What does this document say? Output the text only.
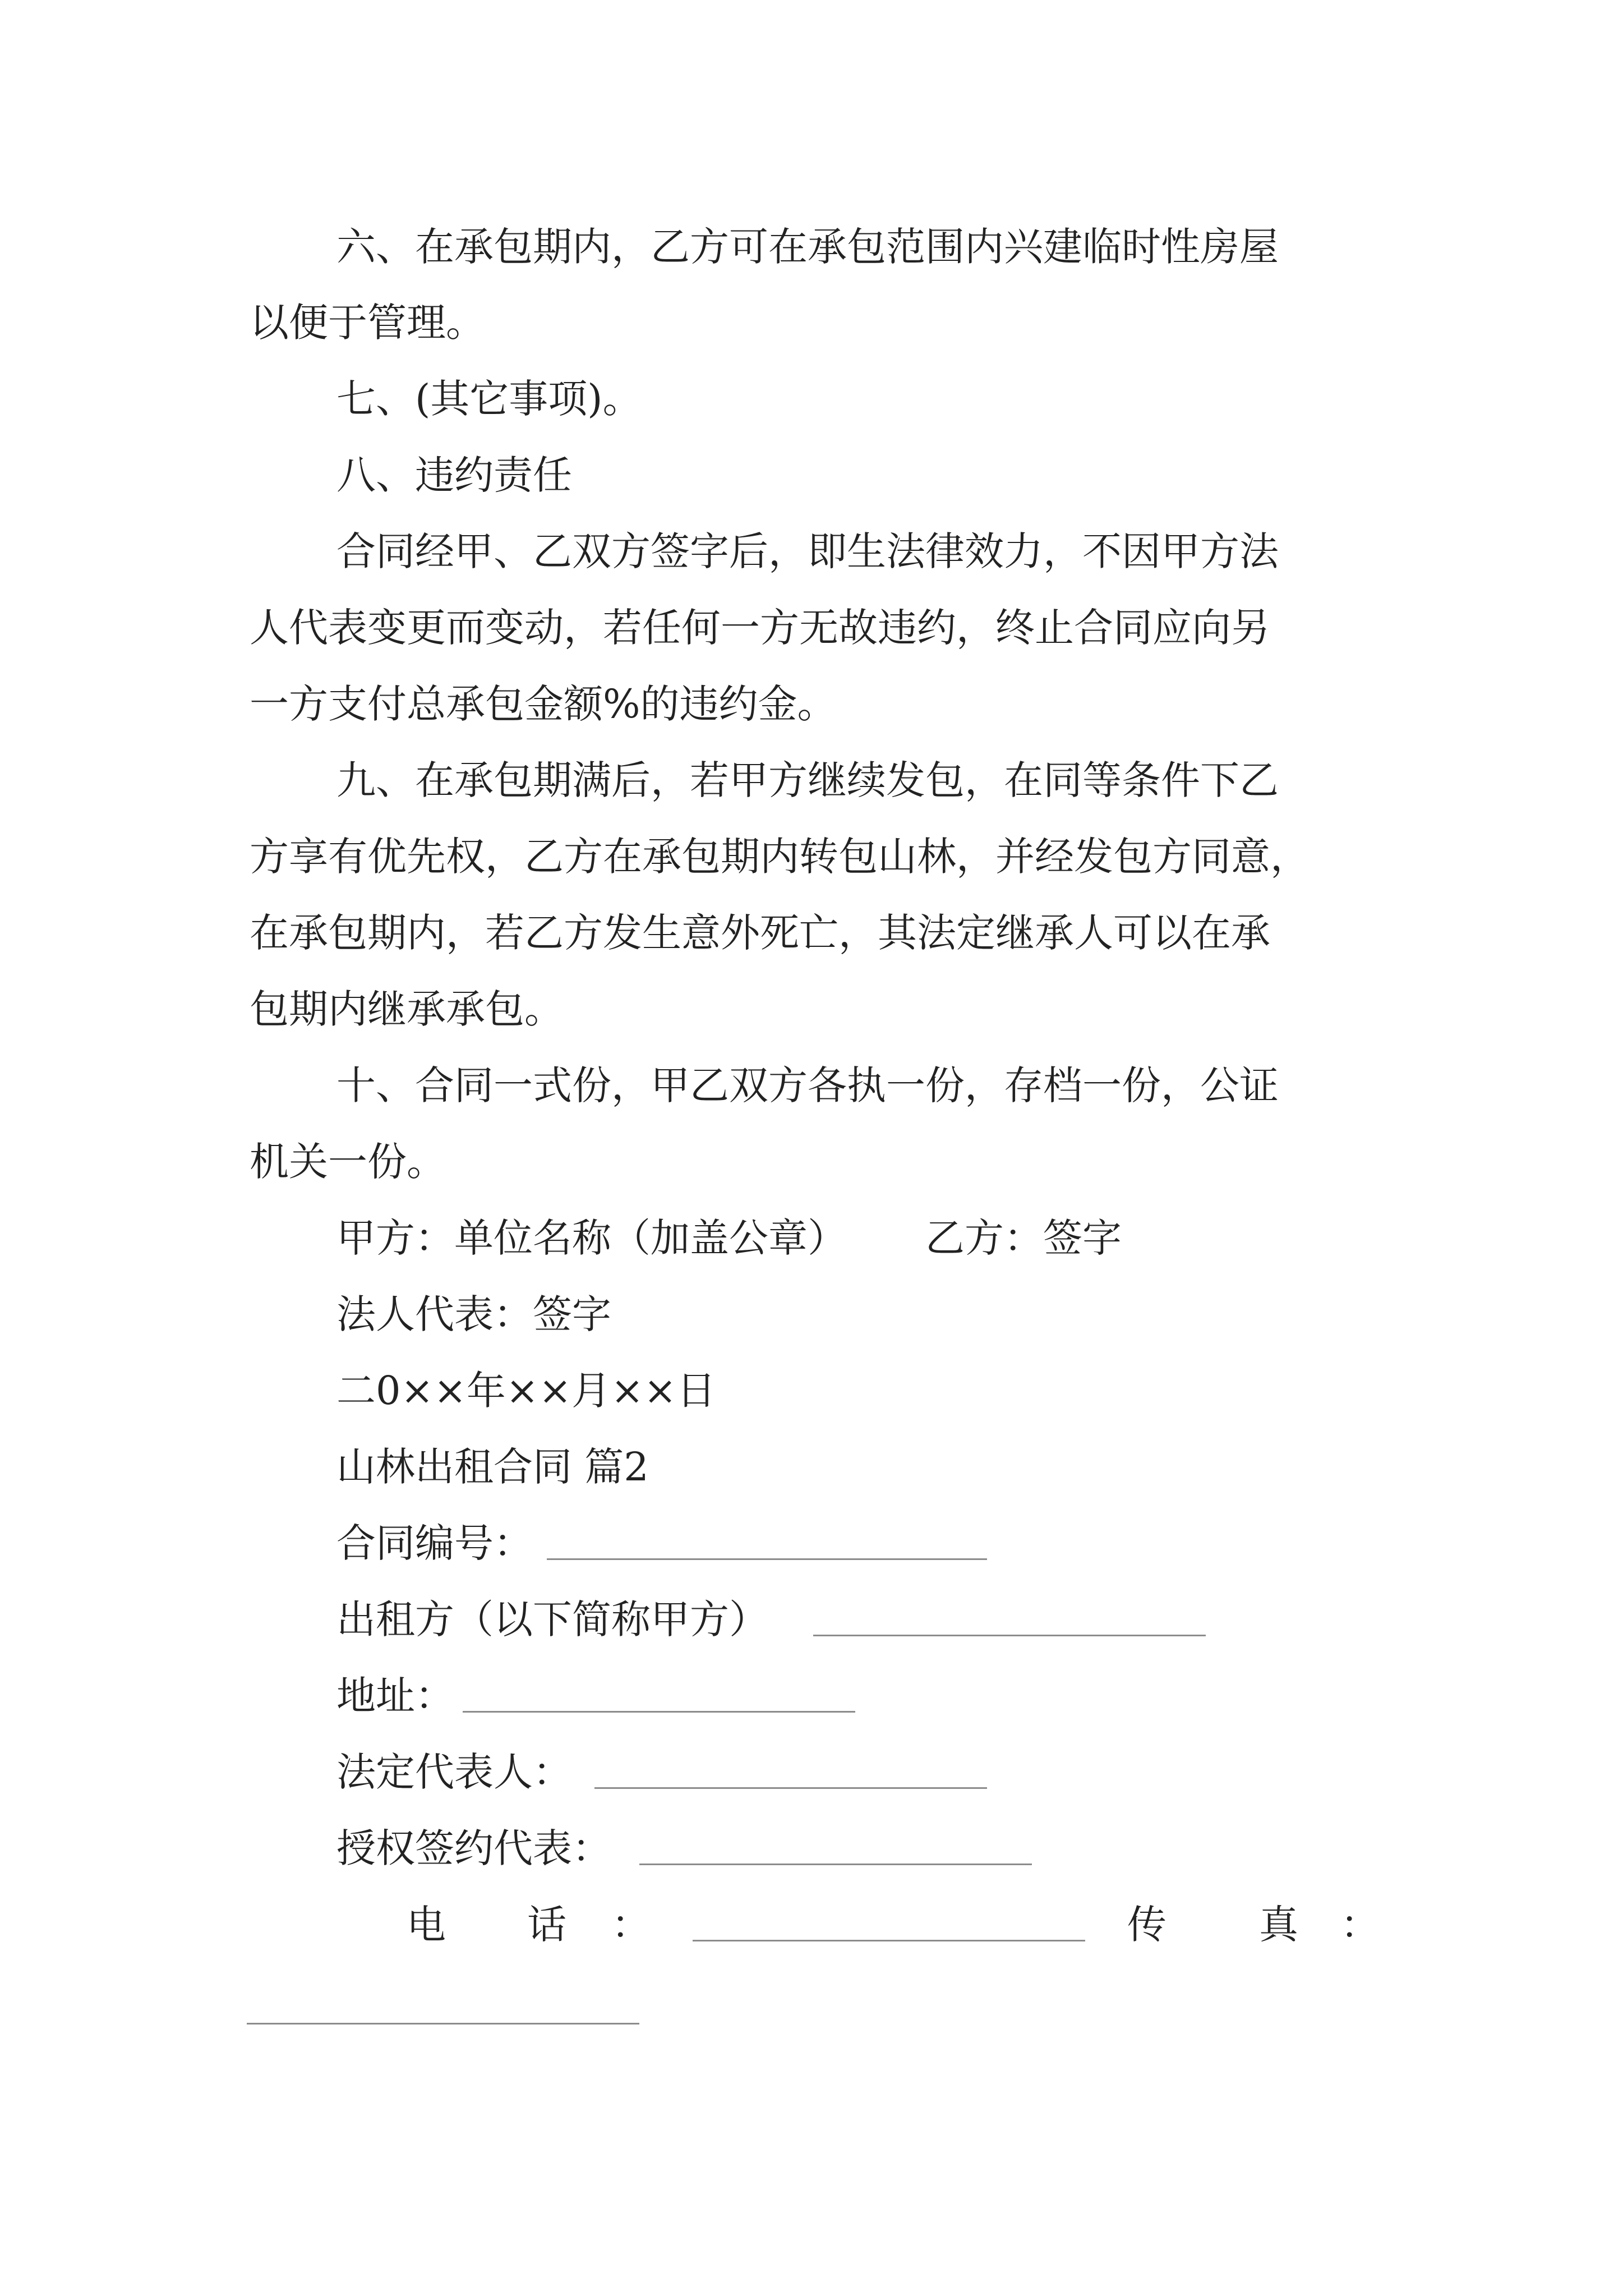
六、在承包期内，乙方可在承包范围内兴建临时性房屋
以便于管理。
七、(其它事项)。
八、违约责任
合同经甲、乙双方签字后，即生法律效力，不因甲方法
人代表变更而变动，若任何一方无故违约，终止合同应向另
一方支付总承包金额%的违约金。
九、在承包期满后，若甲方继续发包，在同等条件下乙
方享有优先权，乙方在承包期内转包山林，并经发包方同意，
在承包期内，若乙方发生意外死亡，其法定继承人可以在承
包期内继承承包。
十、合同一式份，甲乙双方各执一份，存档一份，公证
机关一份。
甲方：单位名称（加盖公章） 乙方：签字
法人代表：签字
二0××年××月××日
山林出租合同 篇2
合同编号：
出租方（以下简称甲方）
地址：
法定代表人：
授权签约代表：
电 话 ：	传 真 ：
